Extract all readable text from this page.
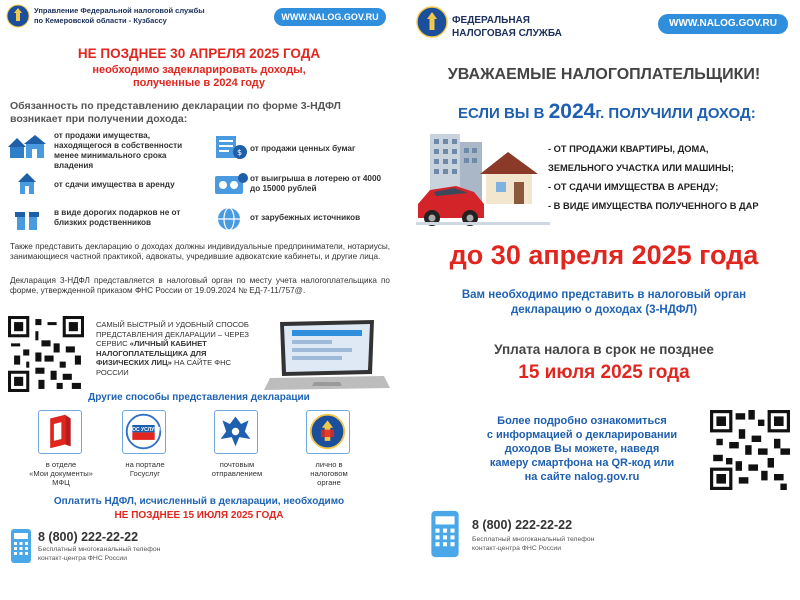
Управление Федеральной налоговой службы
по Кемеровской области - Кузбассу	WWW.NALOG.GOV.RU
НЕ ПОЗДНЕЕ 30 АПРЕЛЯ 2025 ГОДА
необходимо задекларировать доходы,
полученные в 2024 году
Обязанность по представлению декларации по форме 3-НДФЛ
возникает при получении дохода:
от продажи имущества, находящегося в собственности менее минимального срока владения
$ от продажи ценных бумаг
от сдачи имущества в аренду
от выигрыша в лотерею от 4000 до 15000 рублей
в виде дорогих подарков не от близких родственников
от зарубежных источников
Также представить декларацию о доходах должны индивидуальные предприниматели, нотариусы, занимающиеся частной практикой, адвокаты, учредившие адвокатские кабинеты, и другие лица.
Декларация 3-НДФЛ представляется в налоговый орган по месту учета налогоплательщика по форме, утвержденной приказом ФНС России от 19.09.2024 № ЕД-7-11/757@.
САМЫЙ БЫСТРЫЙ И УДОБНЫЙ СПОСОБ ПРЕДСТАВЛЕНИЯ ДЕКЛАРАЦИИ – ЧЕРЕЗ СЕРВИС «ЛИЧНЫЙ КАБИНЕТ НАЛОГОПЛАТЕЛЬЩИКА ДЛЯ ФИЗИЧЕСКИХ ЛИЦ» НА САЙТЕ ФНС РОССИИ
Другие способы представления декларации
в отделе
«Мои документы»
МФЦ
ГОС УСЛУГИ
на портале
Госуслуг
почтовым
отправлением
лично в
налоговом
органе
Оплатить НДФЛ, исчисленный в декларации, необходимо
НЕ ПОЗДНЕЕ 15 ИЮЛЯ 2025 ГОДА
8 (800) 222-22-22
Бесплатный многоканальный телефон
контакт-центра ФНС России
ФЕДЕРАЛЬНАЯ
НАЛОГОВАЯ СЛУЖБА
WWW.NALOG.GOV.RU
УВАЖАЕМЫЕ НАЛОГОПЛАТЕЛЬЩИКИ!
ЕСЛИ ВЫ В 2024г. ПОЛУЧИЛИ ДОХОД:
- ОТ ПРОДАЖИ КВАРТИРЫ, ДОМА,
ЗЕМЕЛЬНОГО УЧАСТКА ИЛИ МАШИНЫ;
- ОТ СДАЧИ ИМУЩЕСТВА В АРЕНДУ;
- В ВИДЕ ИМУЩЕСТВА ПОЛУЧЕННОГО В ДАР
до 30 апреля 2025 года
Вам необходимо представить в налоговый орган
декларацию о доходах (3-НДФЛ)
Уплата налога в срок не позднее
15 июля 2025 года
Более подробно ознакомиться
с информацией о декларировании
доходов Вы можете, наведя
камеру смартфона на QR-код или
на сайте nalog.gov.ru
8 (800) 222-22-22
Бесплатный многоканальный телефон
контакт-центра ФНС России
